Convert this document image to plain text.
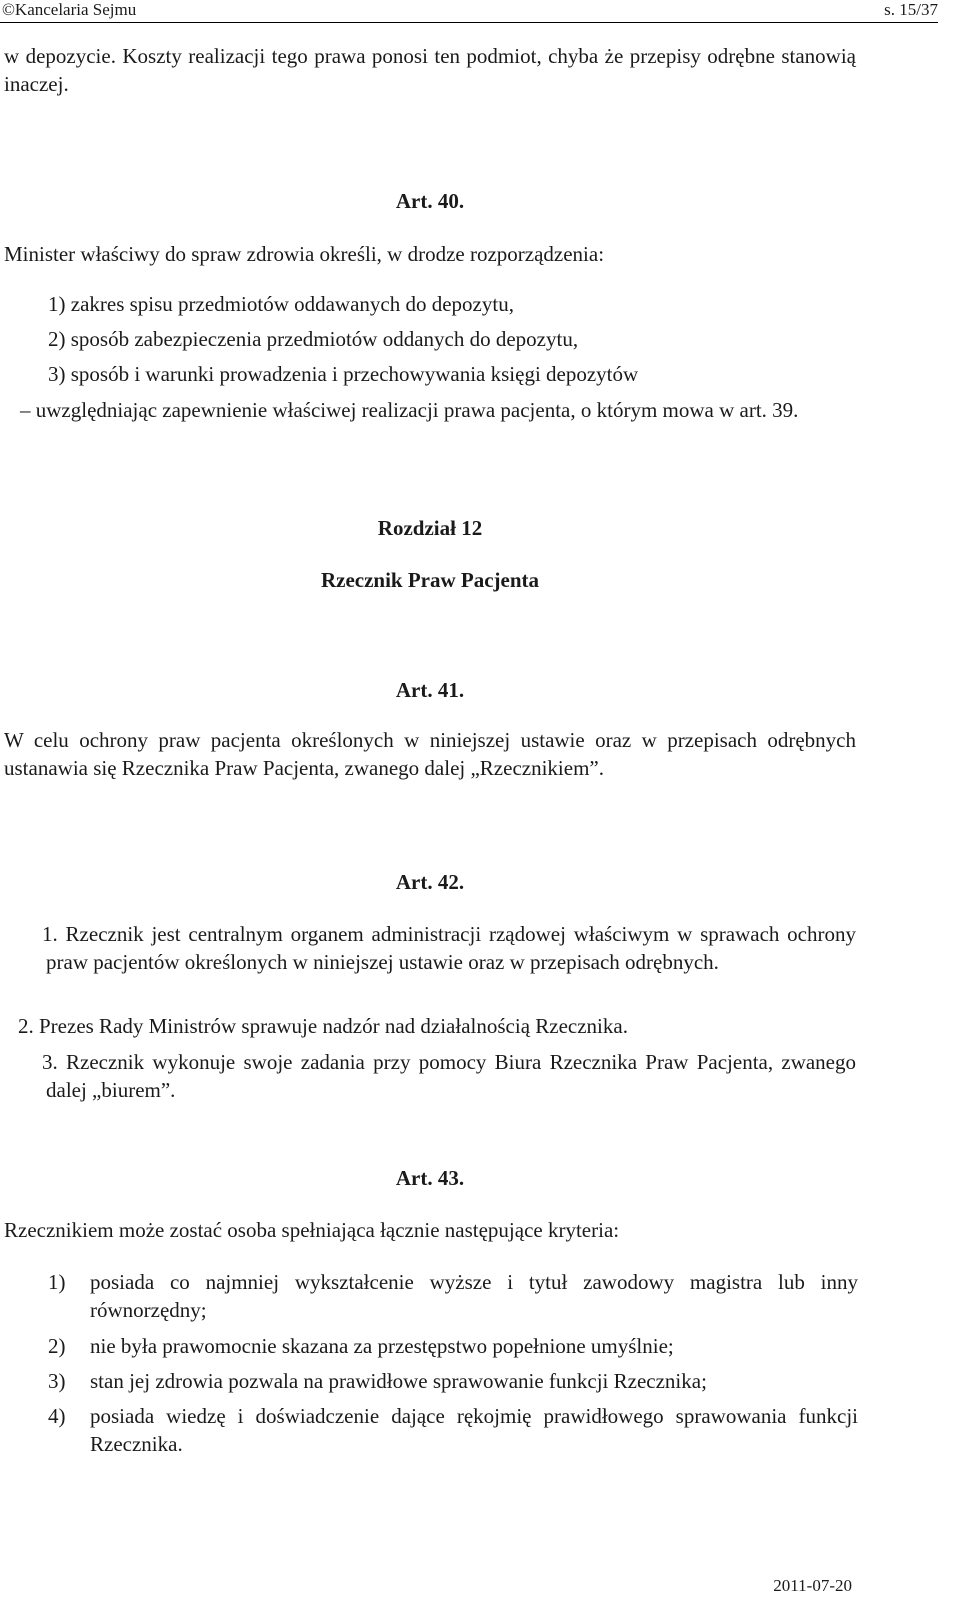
©Kancelaria Sejmu	s. 15/37
w depozycie. Koszty realizacji tego prawa ponosi ten podmiot, chyba że przepisy odrębne stanowią inaczej.
Art. 40.
Minister właściwy do spraw zdrowia określi, w drodze rozporządzenia:
1) zakres spisu przedmiotów oddawanych do depozytu,
2) sposób zabezpieczenia przedmiotów oddanych do depozytu,
3) sposób i warunki prowadzenia i przechowywania księgi depozytów
– uwzględniając zapewnienie właściwej realizacji prawa pacjenta, o którym mowa w art. 39.
Rozdział 12
Rzecznik Praw Pacjenta
Art. 41.
W celu ochrony praw pacjenta określonych w niniejszej ustawie oraz w przepisach odrębnych ustanawia się Rzecznika Praw Pacjenta, zwanego dalej „Rzecznikiem”.
Art. 42.
1. Rzecznik jest centralnym organem administracji rządowej właściwym w sprawach ochrony praw pacjentów określonych w niniejszej ustawie oraz w przepisach odrębnych.
2. Prezes Rady Ministrów sprawuje nadzór nad działalnością Rzecznika.
3. Rzecznik wykonuje swoje zadania przy pomocy Biura Rzecznika Praw Pacjenta, zwanego dalej „biurem”.
Art. 43.
Rzecznikiem może zostać osoba spełniająca łącznie następujące kryteria:
1) posiada co najmniej wykształcenie wyższe i tytuł zawodowy magistra lub inny równorzędny;
2) nie była prawomocnie skazana za przestępstwo popełnione umyślnie;
3) stan jej zdrowia pozwala na prawidłowe sprawowanie funkcji Rzecznika;
4) posiada wiedzę i doświadczenie dające rękojmię prawidłowego sprawowania funkcji Rzecznika.
2011-07-20
